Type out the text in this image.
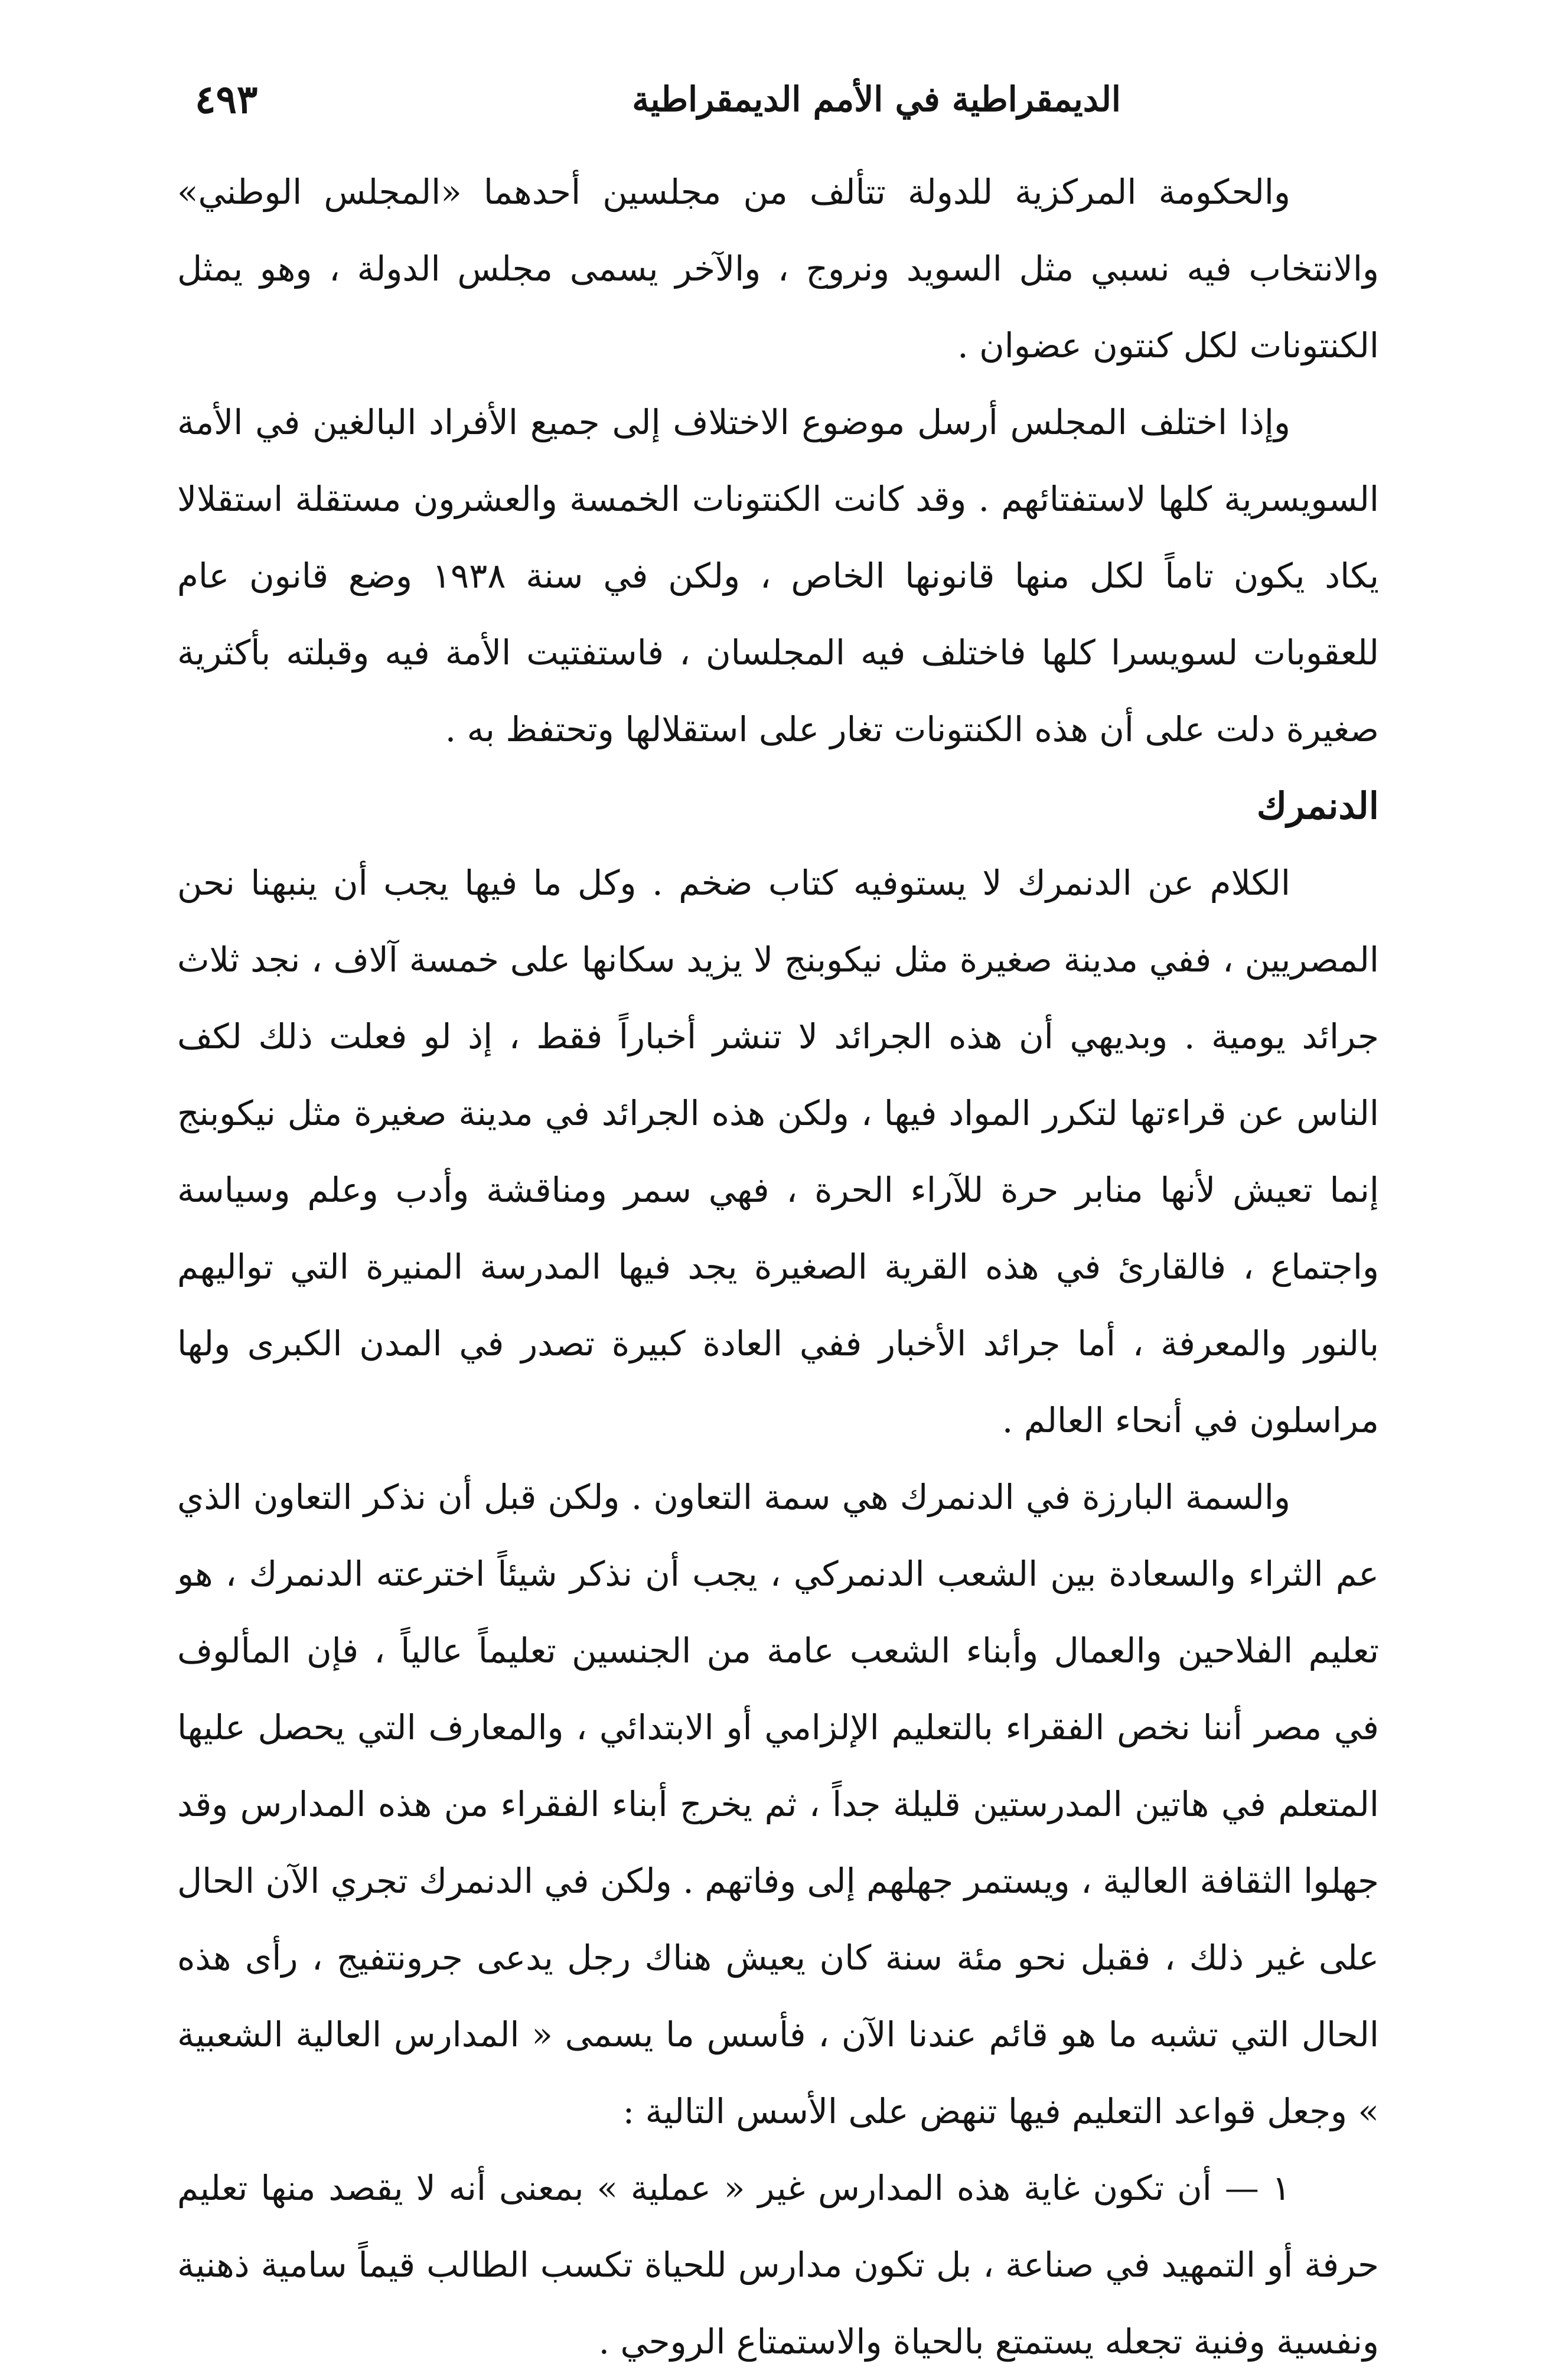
الديمقراطية في الأمم الديمقراطية
٤٩٣

والحكومة المركزية للدولة تتألف من مجلسين أحدهما «المجلس الوطني» والانتخاب فيه نسبي مثل السويد ونروج ، والآخر يسمى مجلس الدولة ، وهو يمثل الكنتونات لكل كنتون عضوان .

وإذا اختلف المجلس أرسل موضوع الاختلاف إلى جميع الأفراد البالغين في الأمة السويسرية كلها لاستفتائهم . وقد كانت الكنتونات الخمسة والعشرون مستقلة استقلالا يكاد يكون تاماً لكل منها قانونها الخاص ، ولكن في سنة ١٩٣٨ وضع قانون عام للعقوبات لسويسرا كلها فاختلف فيه المجلسان ، فاستفتيت الأمة فيه وقبلته بأكثرية صغيرة دلت على أن هذه الكنتونات تغار على استقلالها وتحتفظ به .

الدنمرك

الكلام عن الدنمرك لا يستوفيه كتاب ضخم . وكل ما فيها يجب أن ينبهنا نحن المصريين ، ففي مدينة صغيرة مثل نيكوبنج لا يزيد سكانها على خمسة آلاف ، نجد ثلاث جرائد يومية . وبديهي أن هذه الجرائد لا تنشر أخباراً فقط ، إذ لو فعلت ذلك لكف الناس عن قراءتها لتكرر المواد فيها ، ولكن هذه الجرائد في مدينة صغيرة مثل نيكوبنج إنما تعيش لأنها منابر حرة للآراء الحرة ، فهي سمر ومناقشة وأدب وعلم وسياسة واجتماع ، فالقارئ في هذه القرية الصغيرة يجد فيها المدرسة المنيرة التي تواليهم بالنور والمعرفة ، أما جرائد الأخبار ففي العادة كبيرة تصدر في المدن الكبرى ولها مراسلون في أنحاء العالم .

والسمة البارزة في الدنمرك هي سمة التعاون . ولكن قبل أن نذكر التعاون الذي عم الثراء والسعادة بين الشعب الدنمركي ، يجب أن نذكر شيئاً اخترعته الدنمرك ، هو تعليم الفلاحين والعمال وأبناء الشعب عامة من الجنسين تعليماً عالياً ، فإن المألوف في مصر أننا نخص الفقراء بالتعليم الإلزامي أو الابتدائي ، والمعارف التي يحصل عليها المتعلم في هاتين المدرستين قليلة جداً ، ثم يخرج أبناء الفقراء من هذه المدارس وقد جهلوا الثقافة العالية ، ويستمر جهلهم إلى وفاتهم . ولكن في الدنمرك تجري الآن الحال على غير ذلك ، فقبل نحو مئة سنة كان يعيش هناك رجل يدعى جرونتفيج ، رأى هذه الحال التي تشبه ما هو قائم عندنا الآن ، فأسس ما يسمى « المدارس العالية الشعبية » وجعل قواعد التعليم فيها تنهض على الأسس التالية :

١ — أن تكون غاية هذه المدارس غير « عملية » بمعنى أنه لا يقصد منها تعليم حرفة أو التمهيد في صناعة ، بل تكون مدارس للحياة تكسب الطالب قيماً سامية ذهنية ونفسية وفنية تجعله يستمتع بالحياة والاستمتاع الروحي .
